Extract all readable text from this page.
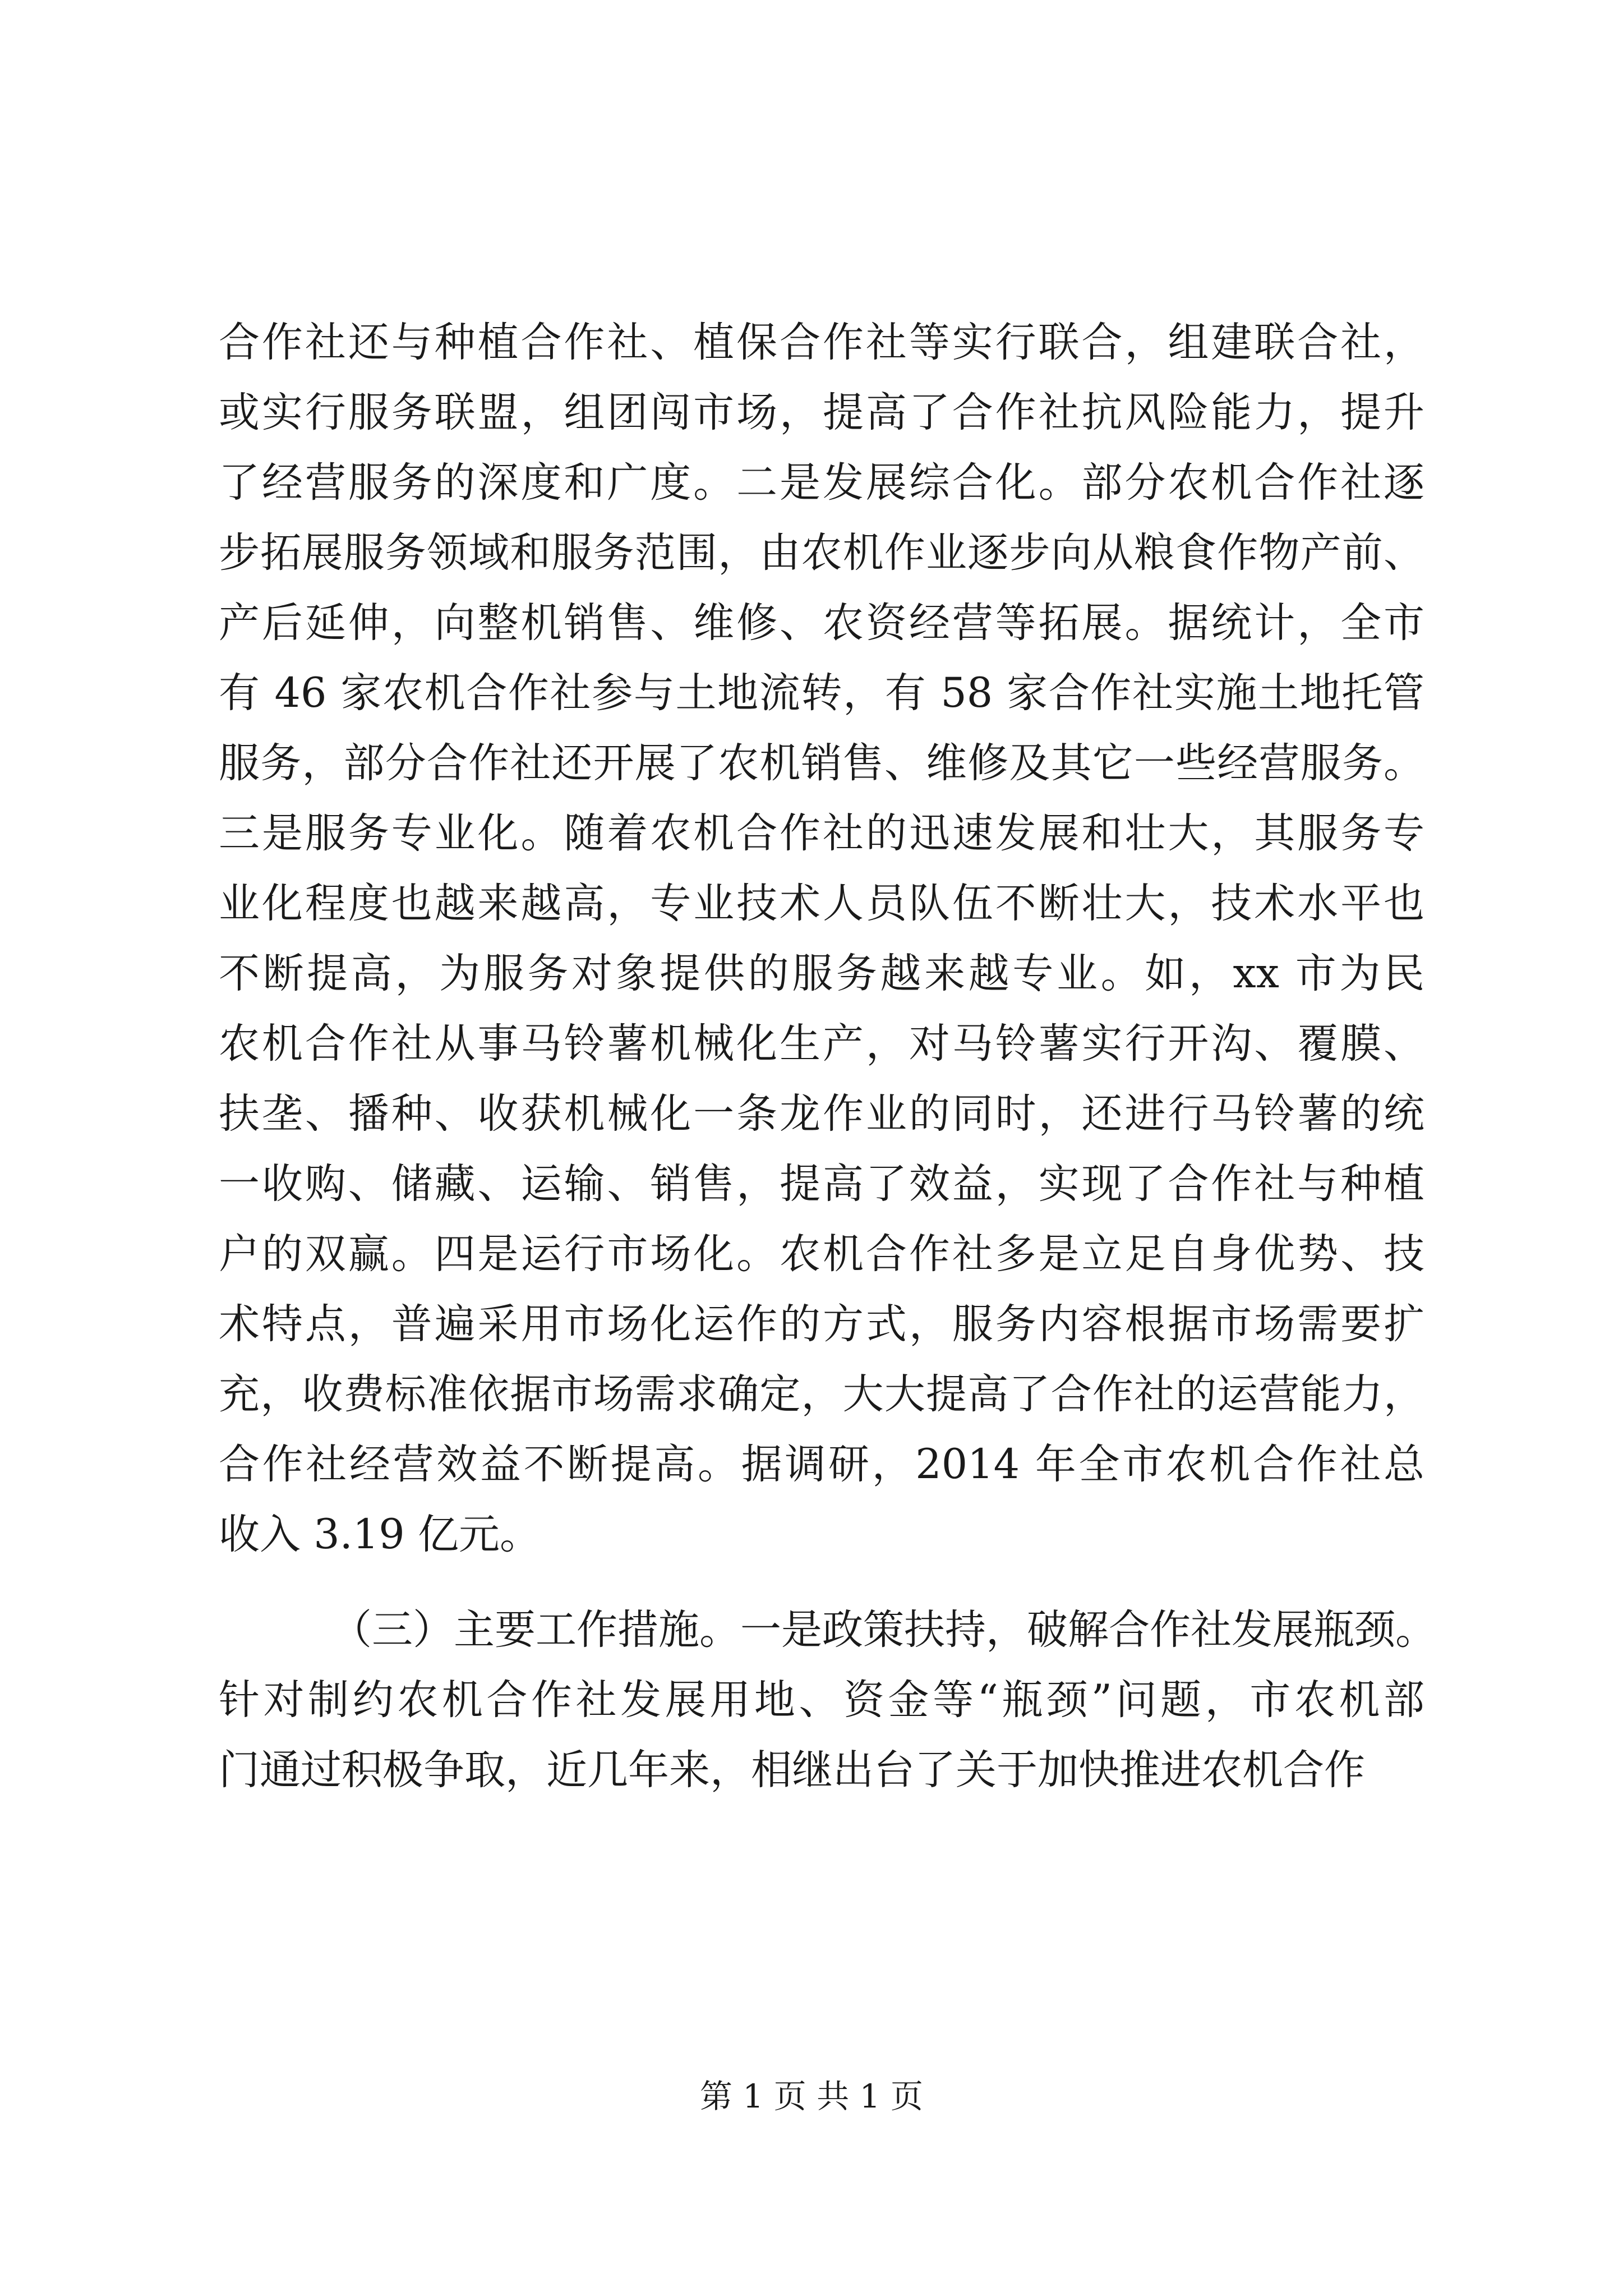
合作社还与种植合作社、植保合作社等实行联合，组建联合社，
或实行服务联盟，组团闯市场，提高了合作社抗风险能力，提升
了经营服务的深度和广度。二是发展综合化。部分农机合作社逐
步拓展服务领域和服务范围，由农机作业逐步向从粮食作物产前、
产后延伸，向整机销售、维修、农资经营等拓展。据统计，全市
有 46 家农机合作社参与土地流转，有 58 家合作社实施土地托管
服务，部分合作社还开展了农机销售、维修及其它一些经营服务。
三是服务专业化。随着农机合作社的迅速发展和壮大，其服务专
业化程度也越来越高，专业技术人员队伍不断壮大，技术水平也
不断提高，为服务对象提供的服务越来越专业。如，xx 市为民
农机合作社从事马铃薯机械化生产，对马铃薯实行开沟、覆膜、
扶垄、播种、收获机械化一条龙作业的同时，还进行马铃薯的统
一收购、储藏、运输、销售，提高了效益，实现了合作社与种植
户的双赢。四是运行市场化。农机合作社多是立足自身优势、技
术特点，普遍采用市场化运作的方式，服务内容根据市场需要扩
充，收费标准依据市场需求确定，大大提高了合作社的运营能力，
合作社经营效益不断提高。据调研，2014 年全市农机合作社总
收入 3.19 亿元。
（三）主要工作措施。一是政策扶持，破解合作社发展瓶颈。
针对制约农机合作社发展用地、资金等“瓶颈”问题，市农机部
门通过积极争取，近几年来，相继出台了关于加快推进农机合作
第 1 页 共 1 页
